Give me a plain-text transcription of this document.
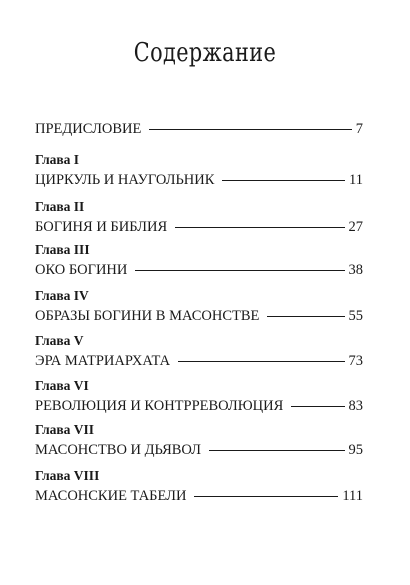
Содержание
ПРЕДИСЛОВИЕ	7
Глава I
ЦИРКУЛЬ И НАУГОЛЬНИК	11
Глава II
БОГИНЯ И БИБЛИЯ	27
Глава III
ОКО БОГИНИ	38
Глава IV
ОБРАЗЫ БОГИНИ В МАСОНСТВЕ	55
Глава V
ЭРА МАТРИАРХАТА	73
Глава VI
РЕВОЛЮЦИЯ И КОНТРРЕВОЛЮЦИЯ	83
Глава VII
МАСОНСТВО И ДЬЯВОЛ	95
Глава VIII
МАСОНСКИЕ ТАБЕЛИ	111
